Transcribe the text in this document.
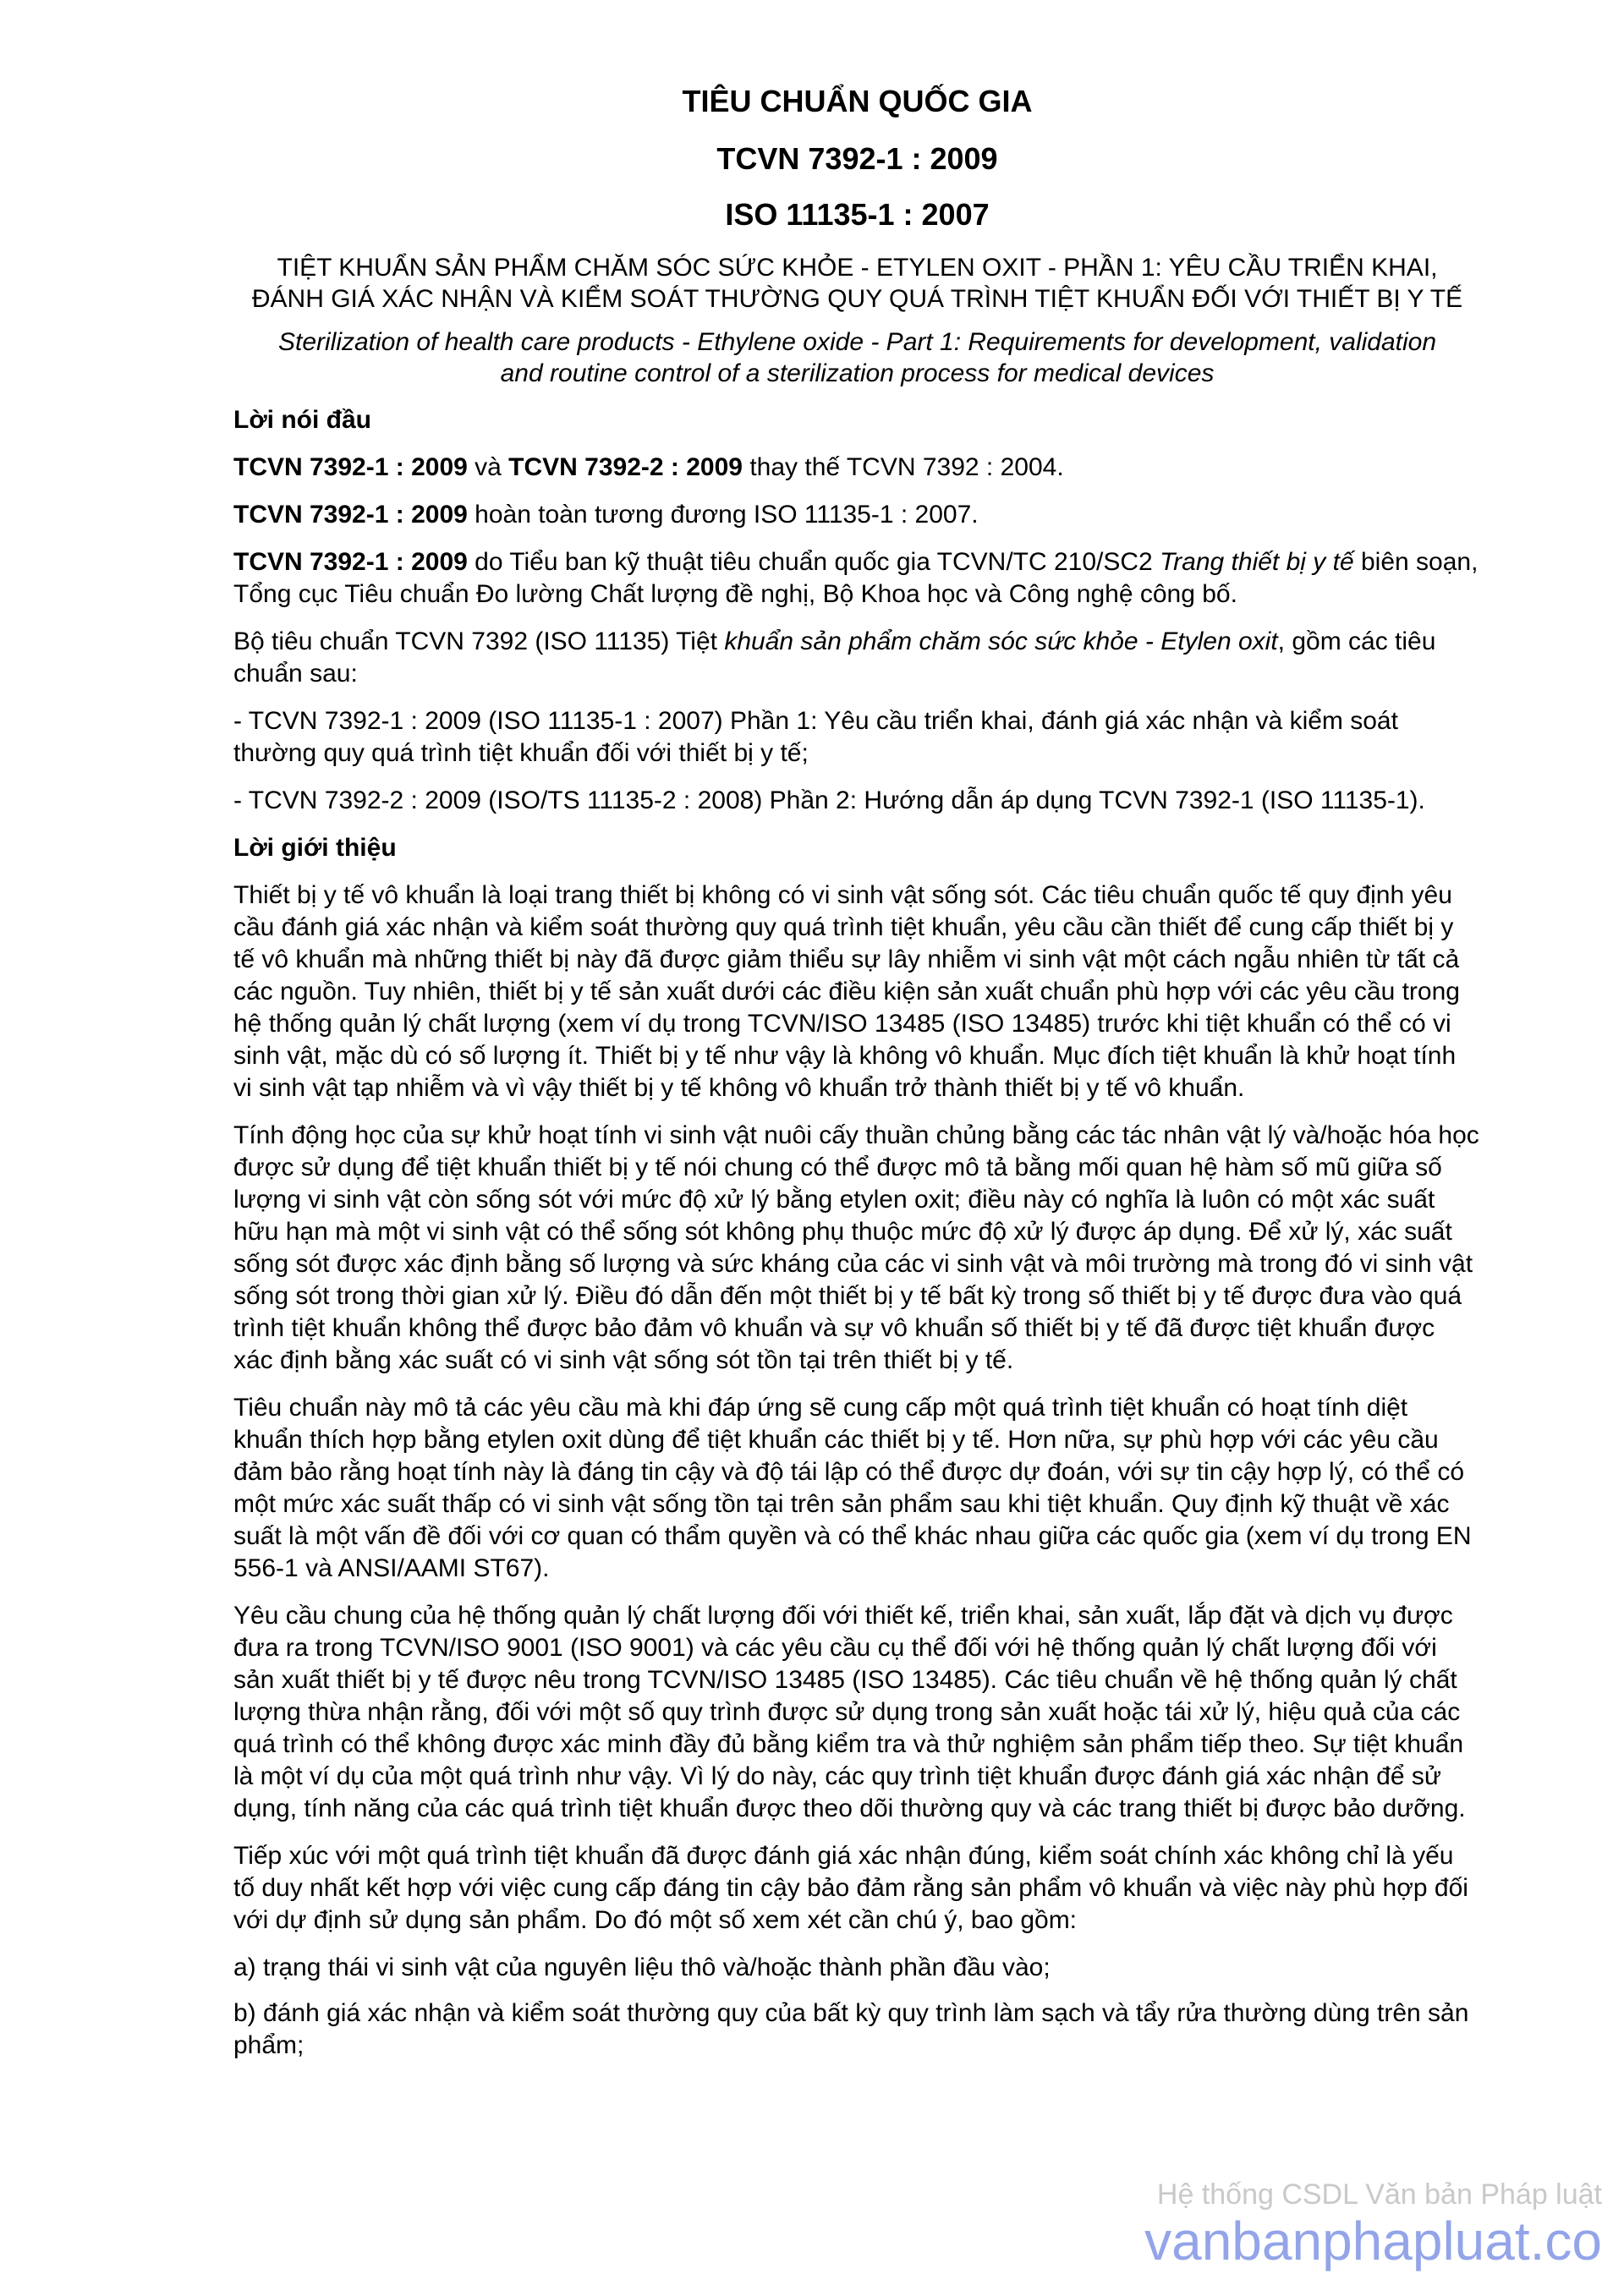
TIÊU CHUẨN QUỐC GIA
TCVN 7392-1 : 2009
ISO 11135-1 : 2007
TIỆT KHUẨN SẢN PHẨM CHĂM SÓC SỨC KHỎE - ETYLEN OXIT - PHẦN 1: YÊU CẦU TRIỂN KHAI, ĐÁNH GIÁ XÁC NHẬN VÀ KIỂM SOÁT THƯỜNG QUY QUÁ TRÌNH TIỆT KHUẨN ĐỐI VỚI THIẾT BỊ Y TẾ
Sterilization of health care products - Ethylene oxide - Part 1: Requirements for development, validation and routine control of a sterilization process for medical devices
Lời nói đầu

TCVN 7392-1 : 2009 và TCVN 7392-2 : 2009 thay thế TCVN 7392 : 2004.

TCVN 7392-1 : 2009 hoàn toàn tương đương ISO 11135-1 : 2007.

TCVN 7392-1 : 2009 do Tiểu ban kỹ thuật tiêu chuẩn quốc gia TCVN/TC 210/SC2 Trang thiết bị y tế biên soạn, Tổng cục Tiêu chuẩn Đo lường Chất lượng đề nghị, Bộ Khoa học và Công nghệ công bố.

Bộ tiêu chuẩn TCVN 7392 (ISO 11135) Tiệt khuẩn sản phẩm chăm sóc sức khỏe - Etylen oxit, gồm các tiêu chuẩn sau:

- TCVN 7392-1 : 2009 (ISO 11135-1 : 2007) Phần 1: Yêu cầu triển khai, đánh giá xác nhận và kiểm soát thường quy quá trình tiệt khuẩn đối với thiết bị y tế;

- TCVN 7392-2 : 2009 (ISO/TS 11135-2 : 2008) Phần 2: Hướng dẫn áp dụng TCVN 7392-1 (ISO 11135-1).

Lời giới thiệu

Thiết bị y tế vô khuẩn là loại trang thiết bị không có vi sinh vật sống sót. Các tiêu chuẩn quốc tế quy định yêu cầu đánh giá xác nhận và kiểm soát thường quy quá trình tiệt khuẩn, yêu cầu cần thiết để cung cấp thiết bị y tế vô khuẩn mà những thiết bị này đã được giảm thiểu sự lây nhiễm vi sinh vật một cách ngẫu nhiên từ tất cả các nguồn. Tuy nhiên, thiết bị y tế sản xuất dưới các điều kiện sản xuất chuẩn phù hợp với các yêu cầu trong hệ thống quản lý chất lượng (xem ví dụ trong TCVN/ISO 13485 (ISO 13485) trước khi tiệt khuẩn có thể có vi sinh vật, mặc dù có số lượng ít. Thiết bị y tế như vậy là không vô khuẩn. Mục đích tiệt khuẩn là khử hoạt tính vi sinh vật tạp nhiễm và vì vậy thiết bị y tế không vô khuẩn trở thành thiết bị y tế vô khuẩn.

Tính động học của sự khử hoạt tính vi sinh vật nuôi cấy thuần chủng bằng các tác nhân vật lý và/hoặc hóa học được sử dụng để tiệt khuẩn thiết bị y tế nói chung có thể được mô tả bằng mối quan hệ hàm số mũ giữa số lượng vi sinh vật còn sống sót với mức độ xử lý bằng etylen oxit; điều này có nghĩa là luôn có một xác suất hữu hạn mà một vi sinh vật có thể sống sót không phụ thuộc mức độ xử lý được áp dụng. Để xử lý, xác suất sống sót được xác định bằng số lượng và sức kháng của các vi sinh vật và môi trường mà trong đó vi sinh vật sống sót trong thời gian xử lý. Điều đó dẫn đến một thiết bị y tế bất kỳ trong số thiết bị y tế được đưa vào quá trình tiệt khuẩn không thể được bảo đảm vô khuẩn và sự vô khuẩn số thiết bị y tế đã được tiệt khuẩn được xác định bằng xác suất có vi sinh vật sống sót tồn tại trên thiết bị y tế.

Tiêu chuẩn này mô tả các yêu cầu mà khi đáp ứng sẽ cung cấp một quá trình tiệt khuẩn có hoạt tính diệt khuẩn thích hợp bằng etylen oxit dùng để tiệt khuẩn các thiết bị y tế. Hơn nữa, sự phù hợp với các yêu cầu đảm bảo rằng hoạt tính này là đáng tin cậy và độ tái lập có thể được dự đoán, với sự tin cậy hợp lý, có thể có một mức xác suất thấp có vi sinh vật sống tồn tại trên sản phẩm sau khi tiệt khuẩn. Quy định kỹ thuật về xác suất là một vấn đề đối với cơ quan có thẩm quyền và có thể khác nhau giữa các quốc gia (xem ví dụ trong EN 556-1 và ANSI/AAMI ST67).

Yêu cầu chung của hệ thống quản lý chất lượng đối với thiết kế, triển khai, sản xuất, lắp đặt và dịch vụ được đưa ra trong TCVN/ISO 9001 (ISO 9001) và các yêu cầu cụ thể đối với hệ thống quản lý chất lượng đối với sản xuất thiết bị y tế được nêu trong TCVN/ISO 13485 (ISO 13485). Các tiêu chuẩn về hệ thống quản lý chất lượng thừa nhận rằng, đối với một số quy trình được sử dụng trong sản xuất hoặc tái xử lý, hiệu quả của các quá trình có thể không được xác minh đầy đủ bằng kiểm tra và thử nghiệm sản phẩm tiếp theo. Sự tiệt khuẩn là một ví dụ của một quá trình như vậy. Vì lý do này, các quy trình tiệt khuẩn được đánh giá xác nhận để sử dụng, tính năng của các quá trình tiệt khuẩn được theo dõi thường quy và các trang thiết bị được bảo dưỡng.

Tiếp xúc với một quá trình tiệt khuẩn đã được đánh giá xác nhận đúng, kiểm soát chính xác không chỉ là yếu tố duy nhất kết hợp với việc cung cấp đáng tin cậy bảo đảm rằng sản phẩm vô khuẩn và việc này phù hợp đối với dự định sử dụng sản phẩm. Do đó một số xem xét cần chú ý, bao gồm:

a) trạng thái vi sinh vật của nguyên liệu thô và/hoặc thành phần đầu vào;

b) đánh giá xác nhận và kiểm soát thường quy của bất kỳ quy trình làm sạch và tẩy rửa thường dùng trên sản phẩm;

Hệ thống CSDL Văn bản Pháp luật
vanbanphapluat.co
